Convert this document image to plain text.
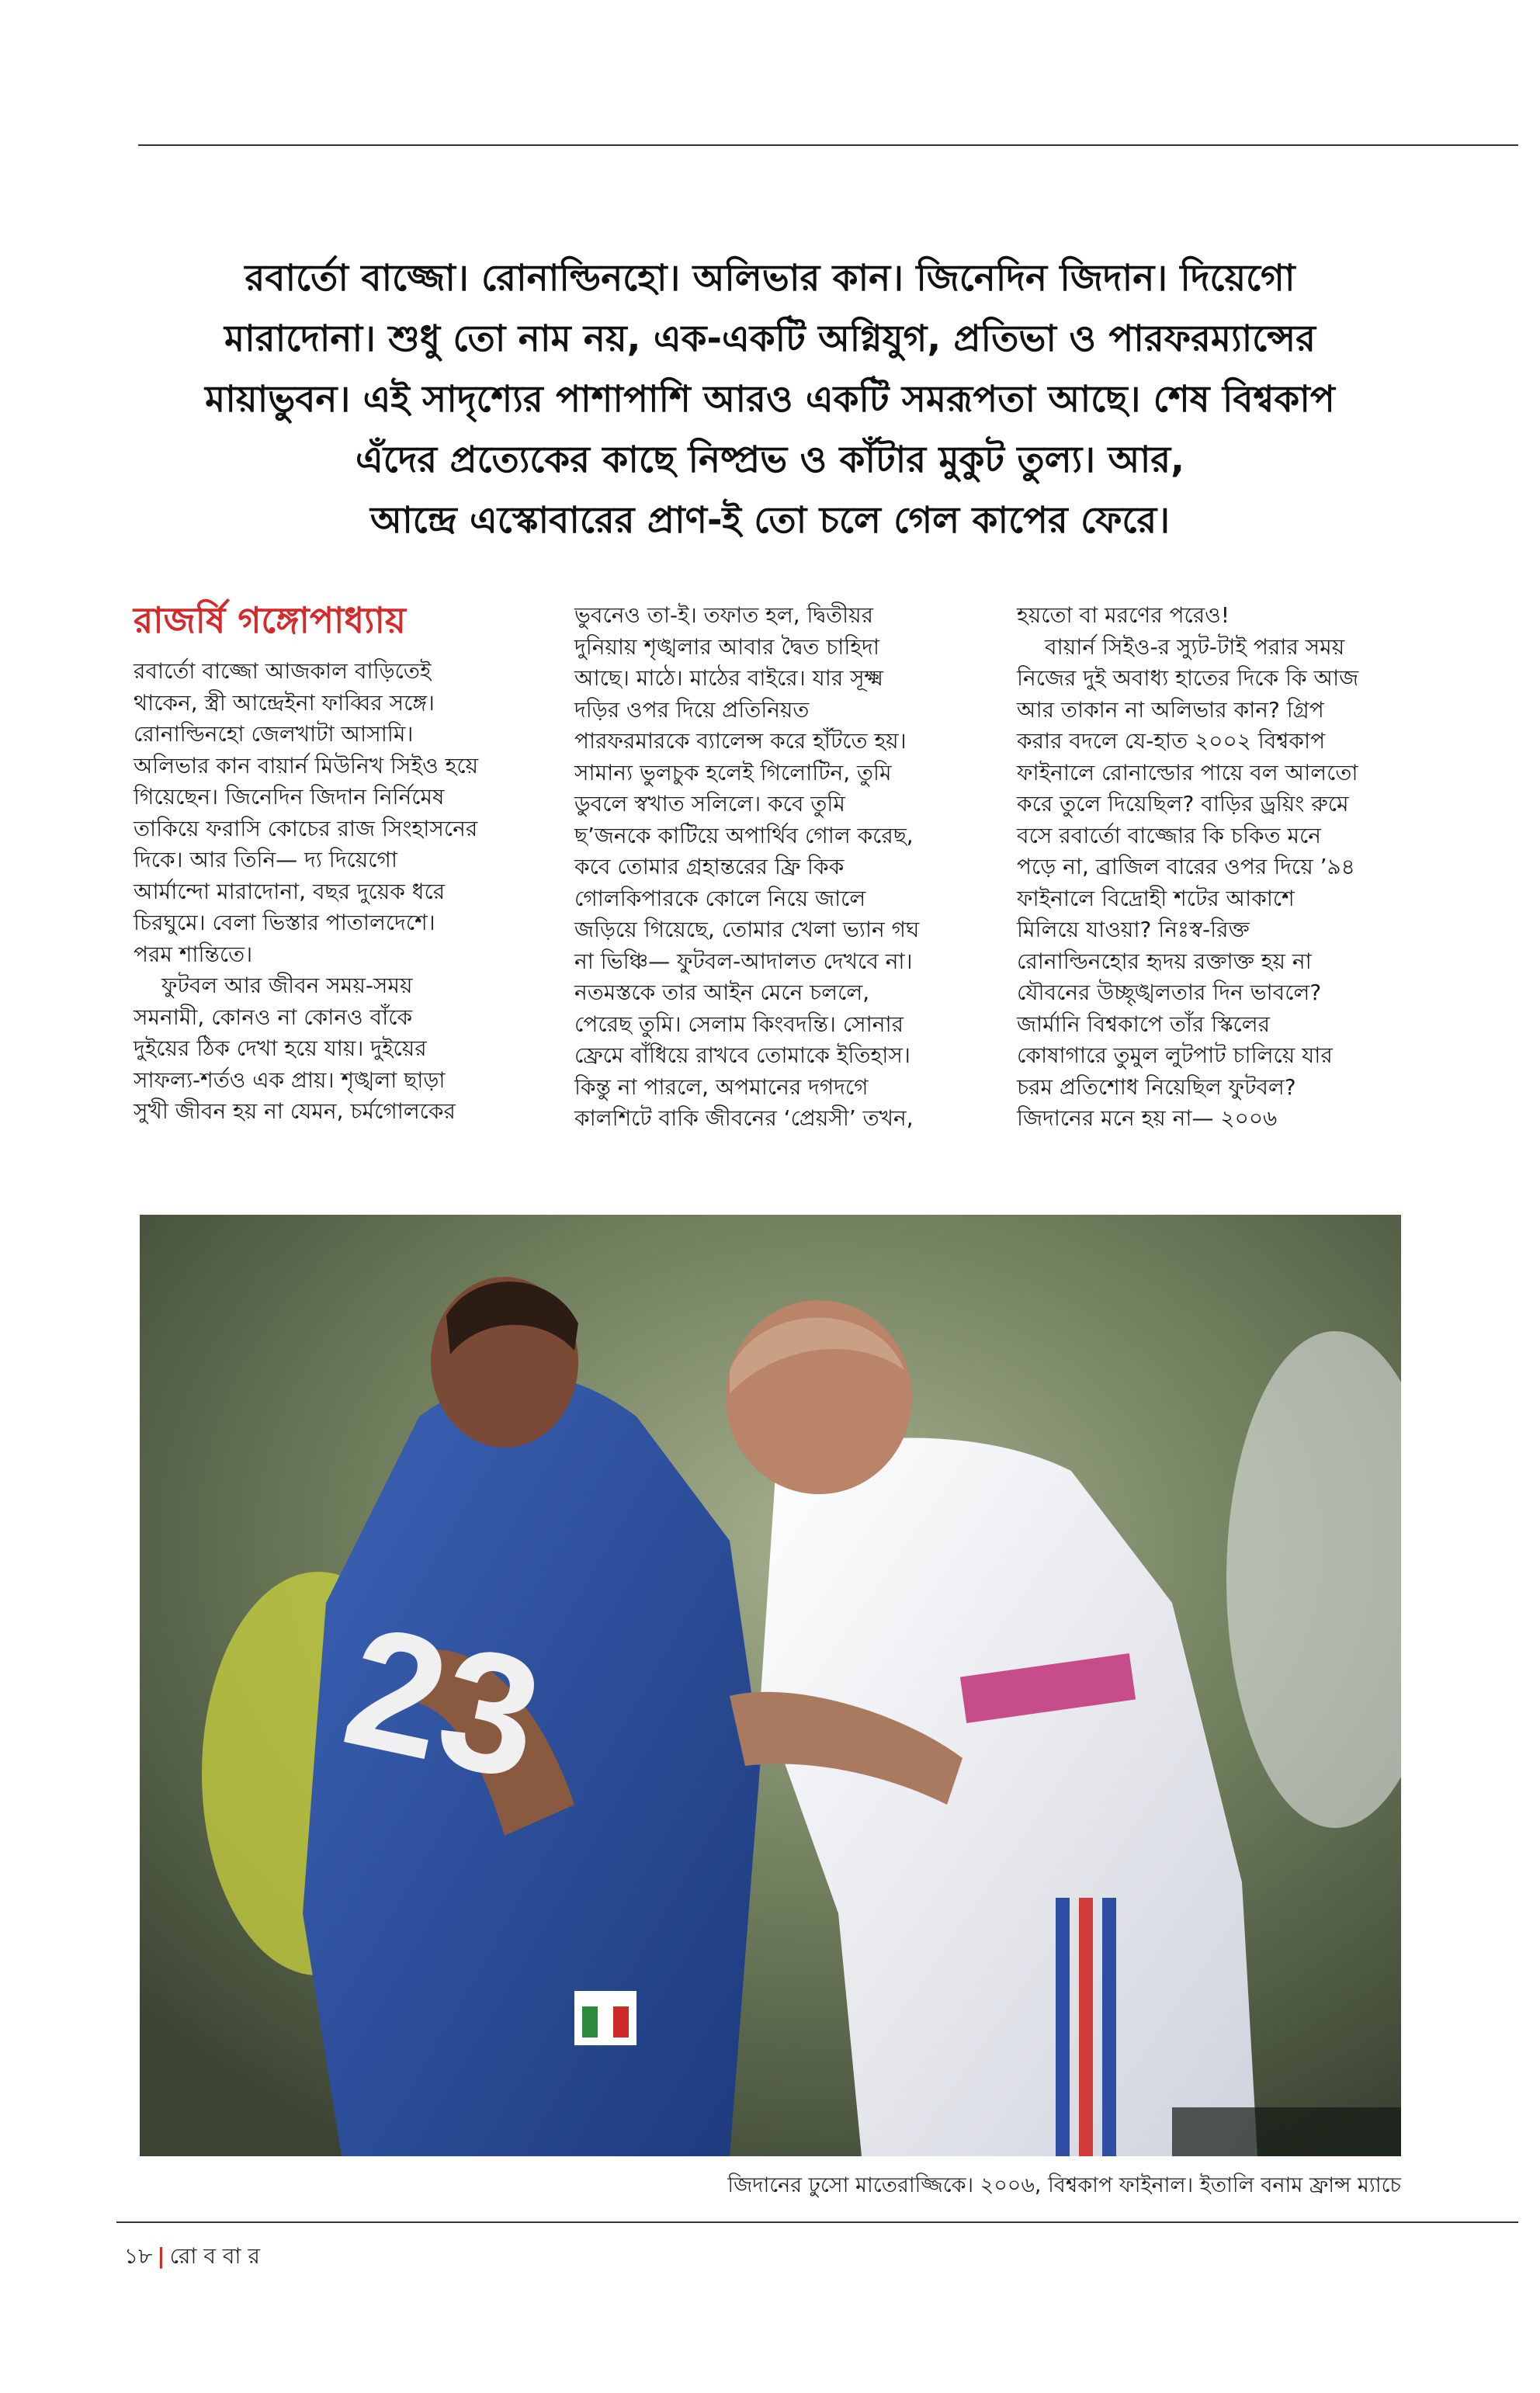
রবার্তো বাজ্জো। রোনাল্ডিনহো। অলিভার কান। জিনেদিন জিদান। দিয়েগো
মারাদোনা। শুধু তো নাম নয়, এক-একটি অগ্নিযুগ, প্রতিভা ও পারফরম্যান্সের
মায়াভুবন। এই সাদৃশ্যের পাশাপাশি আরও একটি সমরূপতা আছে। শেষ বিশ্বকাপ
এঁদের প্রত্যেকের কাছে নিষ্প্রভ ও কাঁটার মুকুট তুল্য। আর,
আন্দ্রে এস্কোবারের প্রাণ-ই তো চলে গেল কাপের ফেরে।
রাজর্ষি গঙ্গোপাধ্যায়

রবার্তো বাজ্জো আজকাল বাড়িতেই

থাকেন, স্ত্রী আন্দ্রেইনা ফাব্বির সঙ্গে।

রোনাল্ডিনহো জেলখাটা আসামি।

অলিভার কান বায়ার্ন মিউনিখ সিইও হয়ে

গিয়েছেন। জিনেদিন জিদান নির্নিমেষ

তাকিয়ে ফরাসি কোচের রাজ সিংহাসনের

দিকে। আর তিনি— দ্য দিয়েগো

আর্মান্দো মারাদোনা, বছর দুয়েক ধরে

চিরঘুমে। বেলা ভিস্তার পাতালদেশে।

পরম শান্তিতে।

ফুটবল আর জীবন সময়-সময়

সমনামী, কোনও না কোনও বাঁকে

দুইয়ের ঠিক দেখা হয়ে যায়। দুইয়ের

সাফল্য-শর্তও এক প্রায়। শৃঙ্খলা ছাড়া

সুখী জীবন হয় না যেমন, চর্মগোলকের

ভুবনেও তা-ই। তফাত হল, দ্বিতীয়র

দুনিয়ায় শৃঙ্খলার আবার দ্বৈত চাহিদা

আছে। মাঠে। মাঠের বাইরে। যার সূক্ষ্ম

দড়ির ওপর দিয়ে প্রতিনিয়ত

পারফরমারকে ব্যালেন্স করে হাঁটতে হয়।

সামান্য ভুলচুক হলেই গিলোটিন, তুমি

ডুবলে স্বখাত সলিলে। কবে তুমি

ছ’জনকে কাটিয়ে অপার্থিব গোল করেছ,

কবে তোমার গ্রহান্তরের ফ্রি কিক

গোলকিপারকে কোলে নিয়ে জালে

জড়িয়ে গিয়েছে, তোমার খেলা ভ্যান গঘ

না ভিঞ্চি— ফুটবল-আদালত দেখবে না।

নতমস্তকে তার আইন মেনে চললে,

পেরেছ তুমি। সেলাম কিংবদন্তি। সোনার

ফ্রেমে বাঁধিয়ে রাখবে তোমাকে ইতিহাস।

কিন্তু না পারলে, অপমানের দগদগে

কালশিটে বাকি জীবনের ‘প্রেয়সী’ তখন,

হয়তো বা মরণের পরেও!

বায়ার্ন সিইও-র স্যুট-টাই পরার সময়

নিজের দুই অবাধ্য হাতের দিকে কি আজ

আর তাকান না অলিভার কান? গ্রিপ

করার বদলে যে-হাত ২০০২ বিশ্বকাপ

ফাইনালে রোনাল্ডোর পায়ে বল আলতো

করে তুলে দিয়েছিল? বাড়ির ড্রয়িং রুমে

বসে রবার্তো বাজ্জোর কি চকিত মনে

পড়ে না, ব্রাজিল বারের ওপর দিয়ে ’৯৪

ফাইনালে বিদ্রোহী শটের আকাশে

মিলিয়ে যাওয়া? নিঃস্ব-রিক্ত

রোনাল্ডিনহোর হৃদয় রক্তাক্ত হয় না

যৌবনের উচ্ছৃঙ্খলতার দিন ভাবলে?

জার্মানি বিশ্বকাপে তাঁর স্কিলের

কোষাগারে তুমুল লুটপাট চালিয়ে যার

চরম প্রতিশোধ নিয়েছিল ফুটবল?

জিদানের মনে হয় না— ২০০৬

23
জিদানের ঢুসো মাতেরাজ্জিকে। ২০০৬, বিশ্বকাপ ফাইনাল। ইতালি বনাম ফ্রান্স ম্যাচে
১৮ | রো ব বা র
